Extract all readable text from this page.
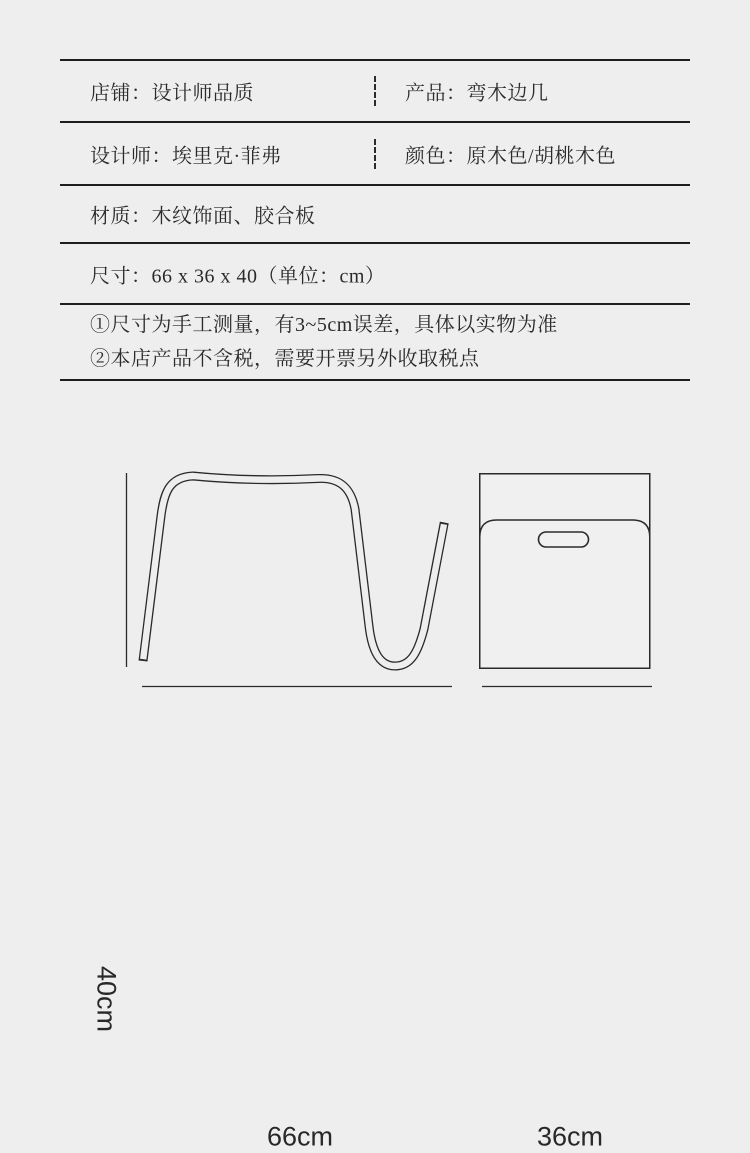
店铺：设计师品质	产品：弯木边几
设计师：埃里克·菲弗	颜色：原木色/胡桃木色
材质：木纹饰面、胶合板
尺寸：66 x 36 x 40（单位：cm）
①尺寸为手工测量，有3~5cm误差，具体以实物为准
②本店产品不含税，需要开票另外收取税点
40cm
66cm	36cm
